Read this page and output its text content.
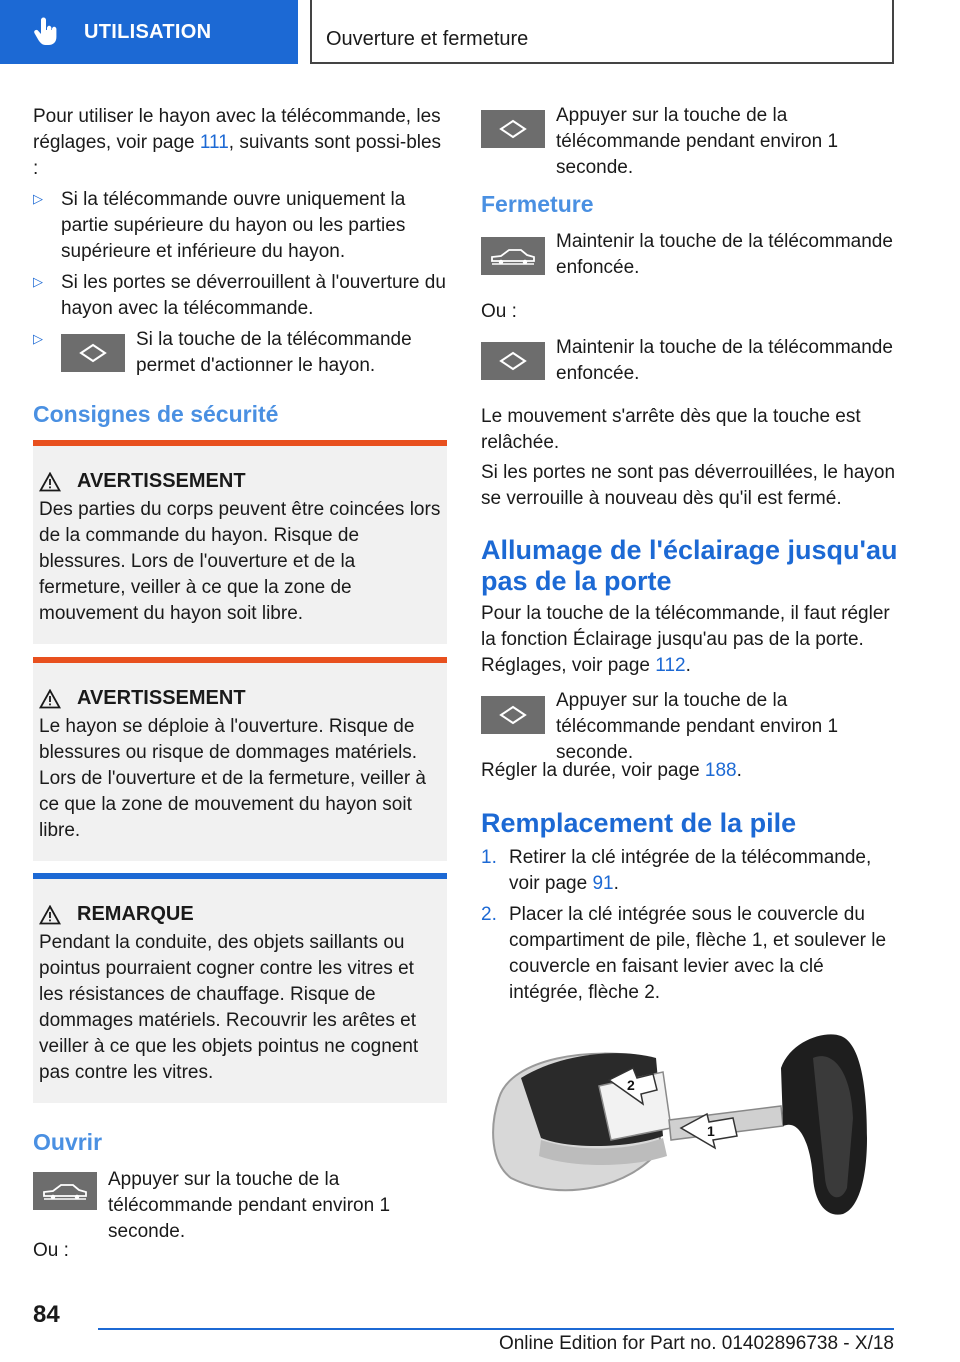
UTILISATION	Ouverture et fermeture

Pour utiliser le hayon avec la télécommande, les réglages, voir page 111, suivants sont possi-bles :

▷ Si la télécommande ouvre uniquement la partie supérieure du hayon ou les parties supérieure et inférieure du hayon.

▷ Si les portes se déverrouillent à l'ouverture du hayon avec la télécommande.

▷	Si la touche de la télécommande permet d'actionner le hayon.

Consignes de sécurité
AVERTISSEMENT

Des parties du corps peuvent être coincées lors de la commande du hayon. Risque de blessures. Lors de l'ouverture et de la fermeture, veiller à ce que la zone de mouvement du hayon soit libre.

AVERTISSEMENT

Le hayon se déploie à l'ouverture. Risque de blessures ou risque de dommages matériels. Lors de l'ouverture et de la fermeture, veiller à ce que la zone de mouvement du hayon soit libre.

REMARQUE

Pendant la conduite, des objets saillants ou pointus pourraient cogner contre les vitres et les résistances de chauffage. Risque de dommages matériels. Recouvrir les arêtes et veiller à ce que les objets pointus ne cognent pas contre les vitres.

Ouvrir

Appuyer sur la touche de la télécommande pendant environ 1 seconde.

Ou :

Appuyer sur la touche de la télécommande pendant environ 1 seconde.

Fermeture

Maintenir la touche de la télécommande enfoncée.

Ou :

Maintenir la touche de la télécommande enfoncée.

Le mouvement s'arrête dès que la touche est relâchée.

Si les portes ne sont pas déverrouillées, le hayon se verrouille à nouveau dès qu'il est fermé.

Allumage de l'éclairage jusqu'au pas de la porte

Pour la touche de la télécommande, il faut régler la fonction Éclairage jusqu'au pas de la porte. Réglages, voir page 112.

Appuyer sur la touche de la télécommande pendant environ 1 seconde.

Régler la durée, voir page 188.

Remplacement de la pile
1. Retirer la clé intégrée de la télécommande, voir page 91.

2. Placer la clé intégrée sous le couvercle du compartiment de pile, flèche 1, et soulever le couvercle en faisant levier avec la clé intégrée, flèche 2.

2
1
84
Online Edition for Part no. 01402896738 - X/18
